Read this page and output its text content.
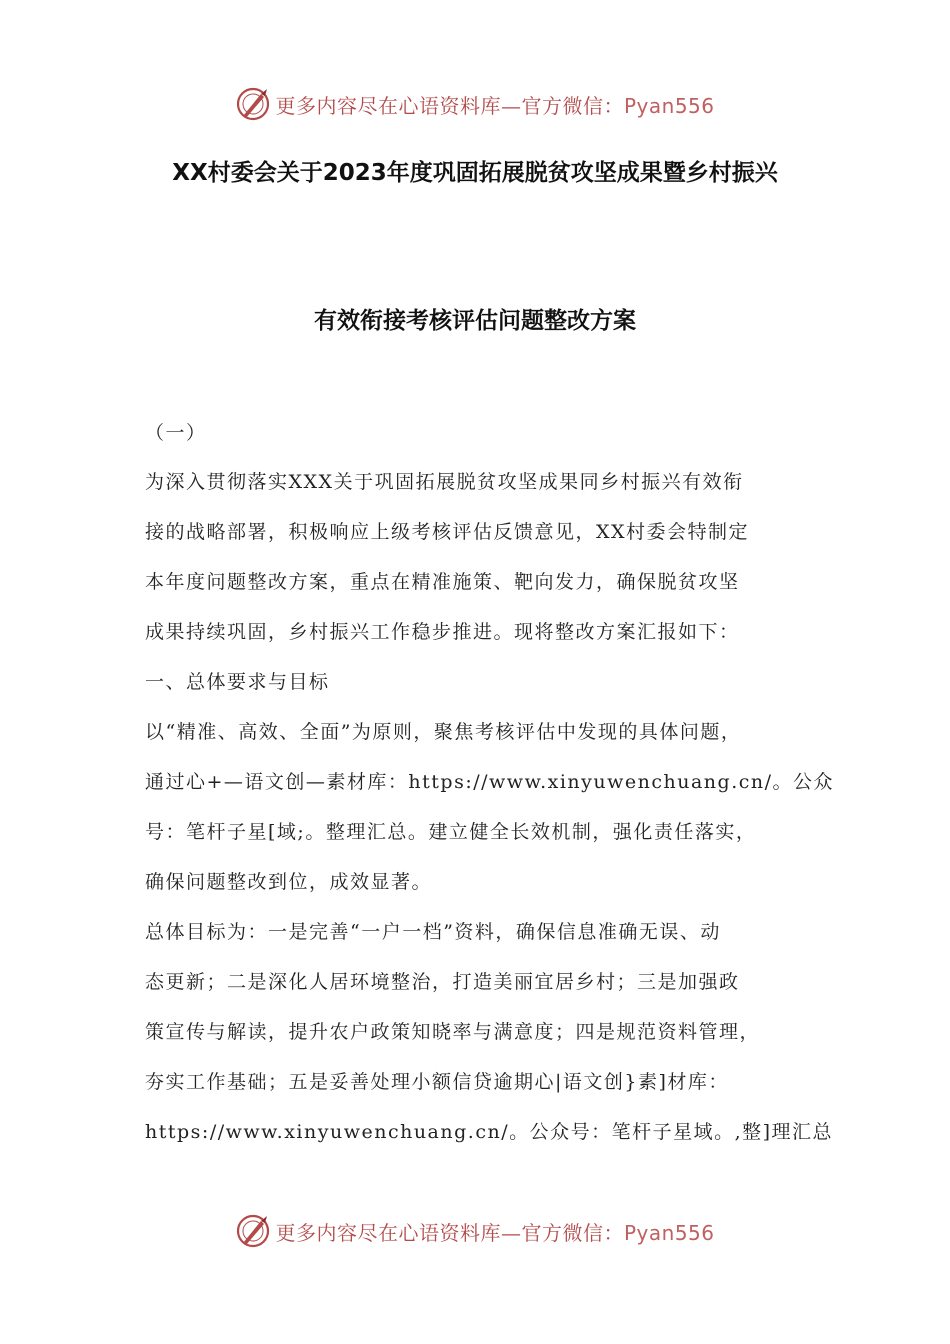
更多内容尽在心语资料库—官方微信：Pyan556
XX村委会关于2023年度巩固拓展脱贫攻坚成果暨乡村振兴
有效衔接考核评估问题整改方案
（一）
为深入贯彻落实XXX关于巩固拓展脱贫攻坚成果同乡村振兴有效衔
接的战略部署，积极响应上级考核评估反馈意见，XX村委会特制定
本年度问题整改方案，重点在精准施策、靶向发力，确保脱贫攻坚
成果持续巩固，乡村振兴工作稳步推进。现将整改方案汇报如下：
一、总体要求与目标
以“精准、高效、全面”为原则，聚焦考核评估中发现的具体问题，
通过心+—语文创—素材库：https://www.xinyuwenchuang.cn/。公众
号：笔杆子星[域;。整理汇总。建立健全长效机制，强化责任落实，
确保问题整改到位，成效显著。
总体目标为：一是完善“一户一档”资料，确保信息准确无误、动
态更新；二是深化人居环境整治，打造美丽宜居乡村；三是加强政
策宣传与解读，提升农户政策知晓率与满意度；四是规范资料管理，
夯实工作基础；五是妥善处理小额信贷逾期心|语文创}素]材库：
https://www.xinyuwenchuang.cn/。公众号：笔杆子星域。,整]理汇总
更多内容尽在心语资料库—官方微信：Pyan556
